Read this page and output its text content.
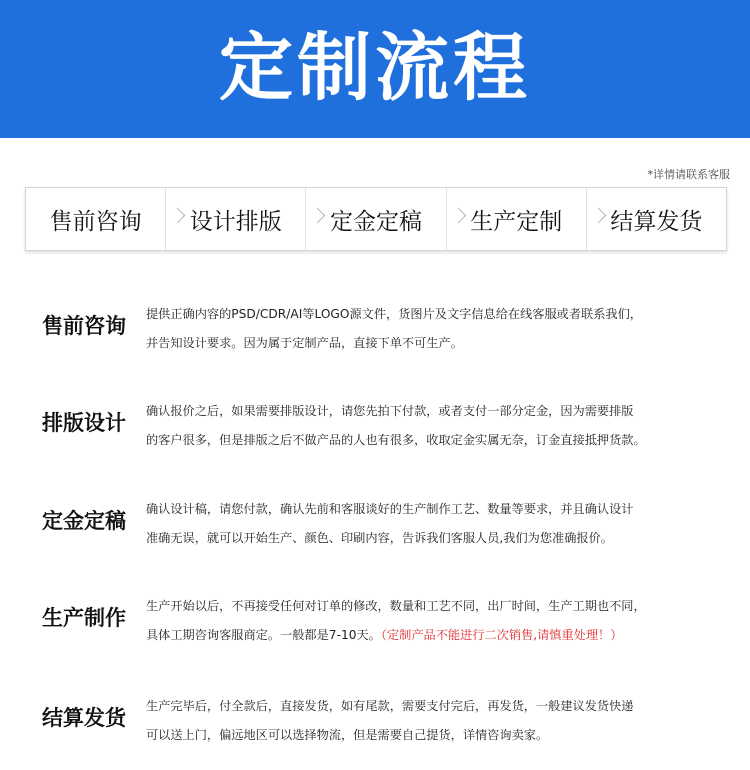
定制流程
*详情请联系客服
售前咨询 设计排版 定金定稿 生产定制 结算发货
售前咨询 提供正确内容的PSD/CDR/AI等LOGO源文件，货图片及文字信息给在线客服或者联系我们，
并告知设计要求。因为属于定制产品，直接下单不可生产。
排版设计 确认报价之后，如果需要排版设计，请您先拍下付款，或者支付一部分定金，因为需要排版
的客户很多，但是排版之后不做产品的人也有很多，收取定金实属无奈，订金直接抵押货款。
定金定稿 确认设计稿，请您付款，确认先前和客服谈好的生产制作工艺、数量等要求，并且确认设计
准确无误，就可以开始生产、颜色、印刷内容，告诉我们客服人员,我们为您准确报价。
生产制作 生产开始以后，不再接受任何对订单的修改，数量和工艺不同，出厂时间，生产工期也不同，
具体工期咨询客服商定。一般都是7-10天。（定制产品不能进行二次销售,请慎重处理！）
结算发货 生产完毕后，付全款后，直接发货，如有尾款，需要支付完后，再发货，一般建议发货快递
可以送上门，偏远地区可以选择物流，但是需要自己提货，详情咨询卖家。
